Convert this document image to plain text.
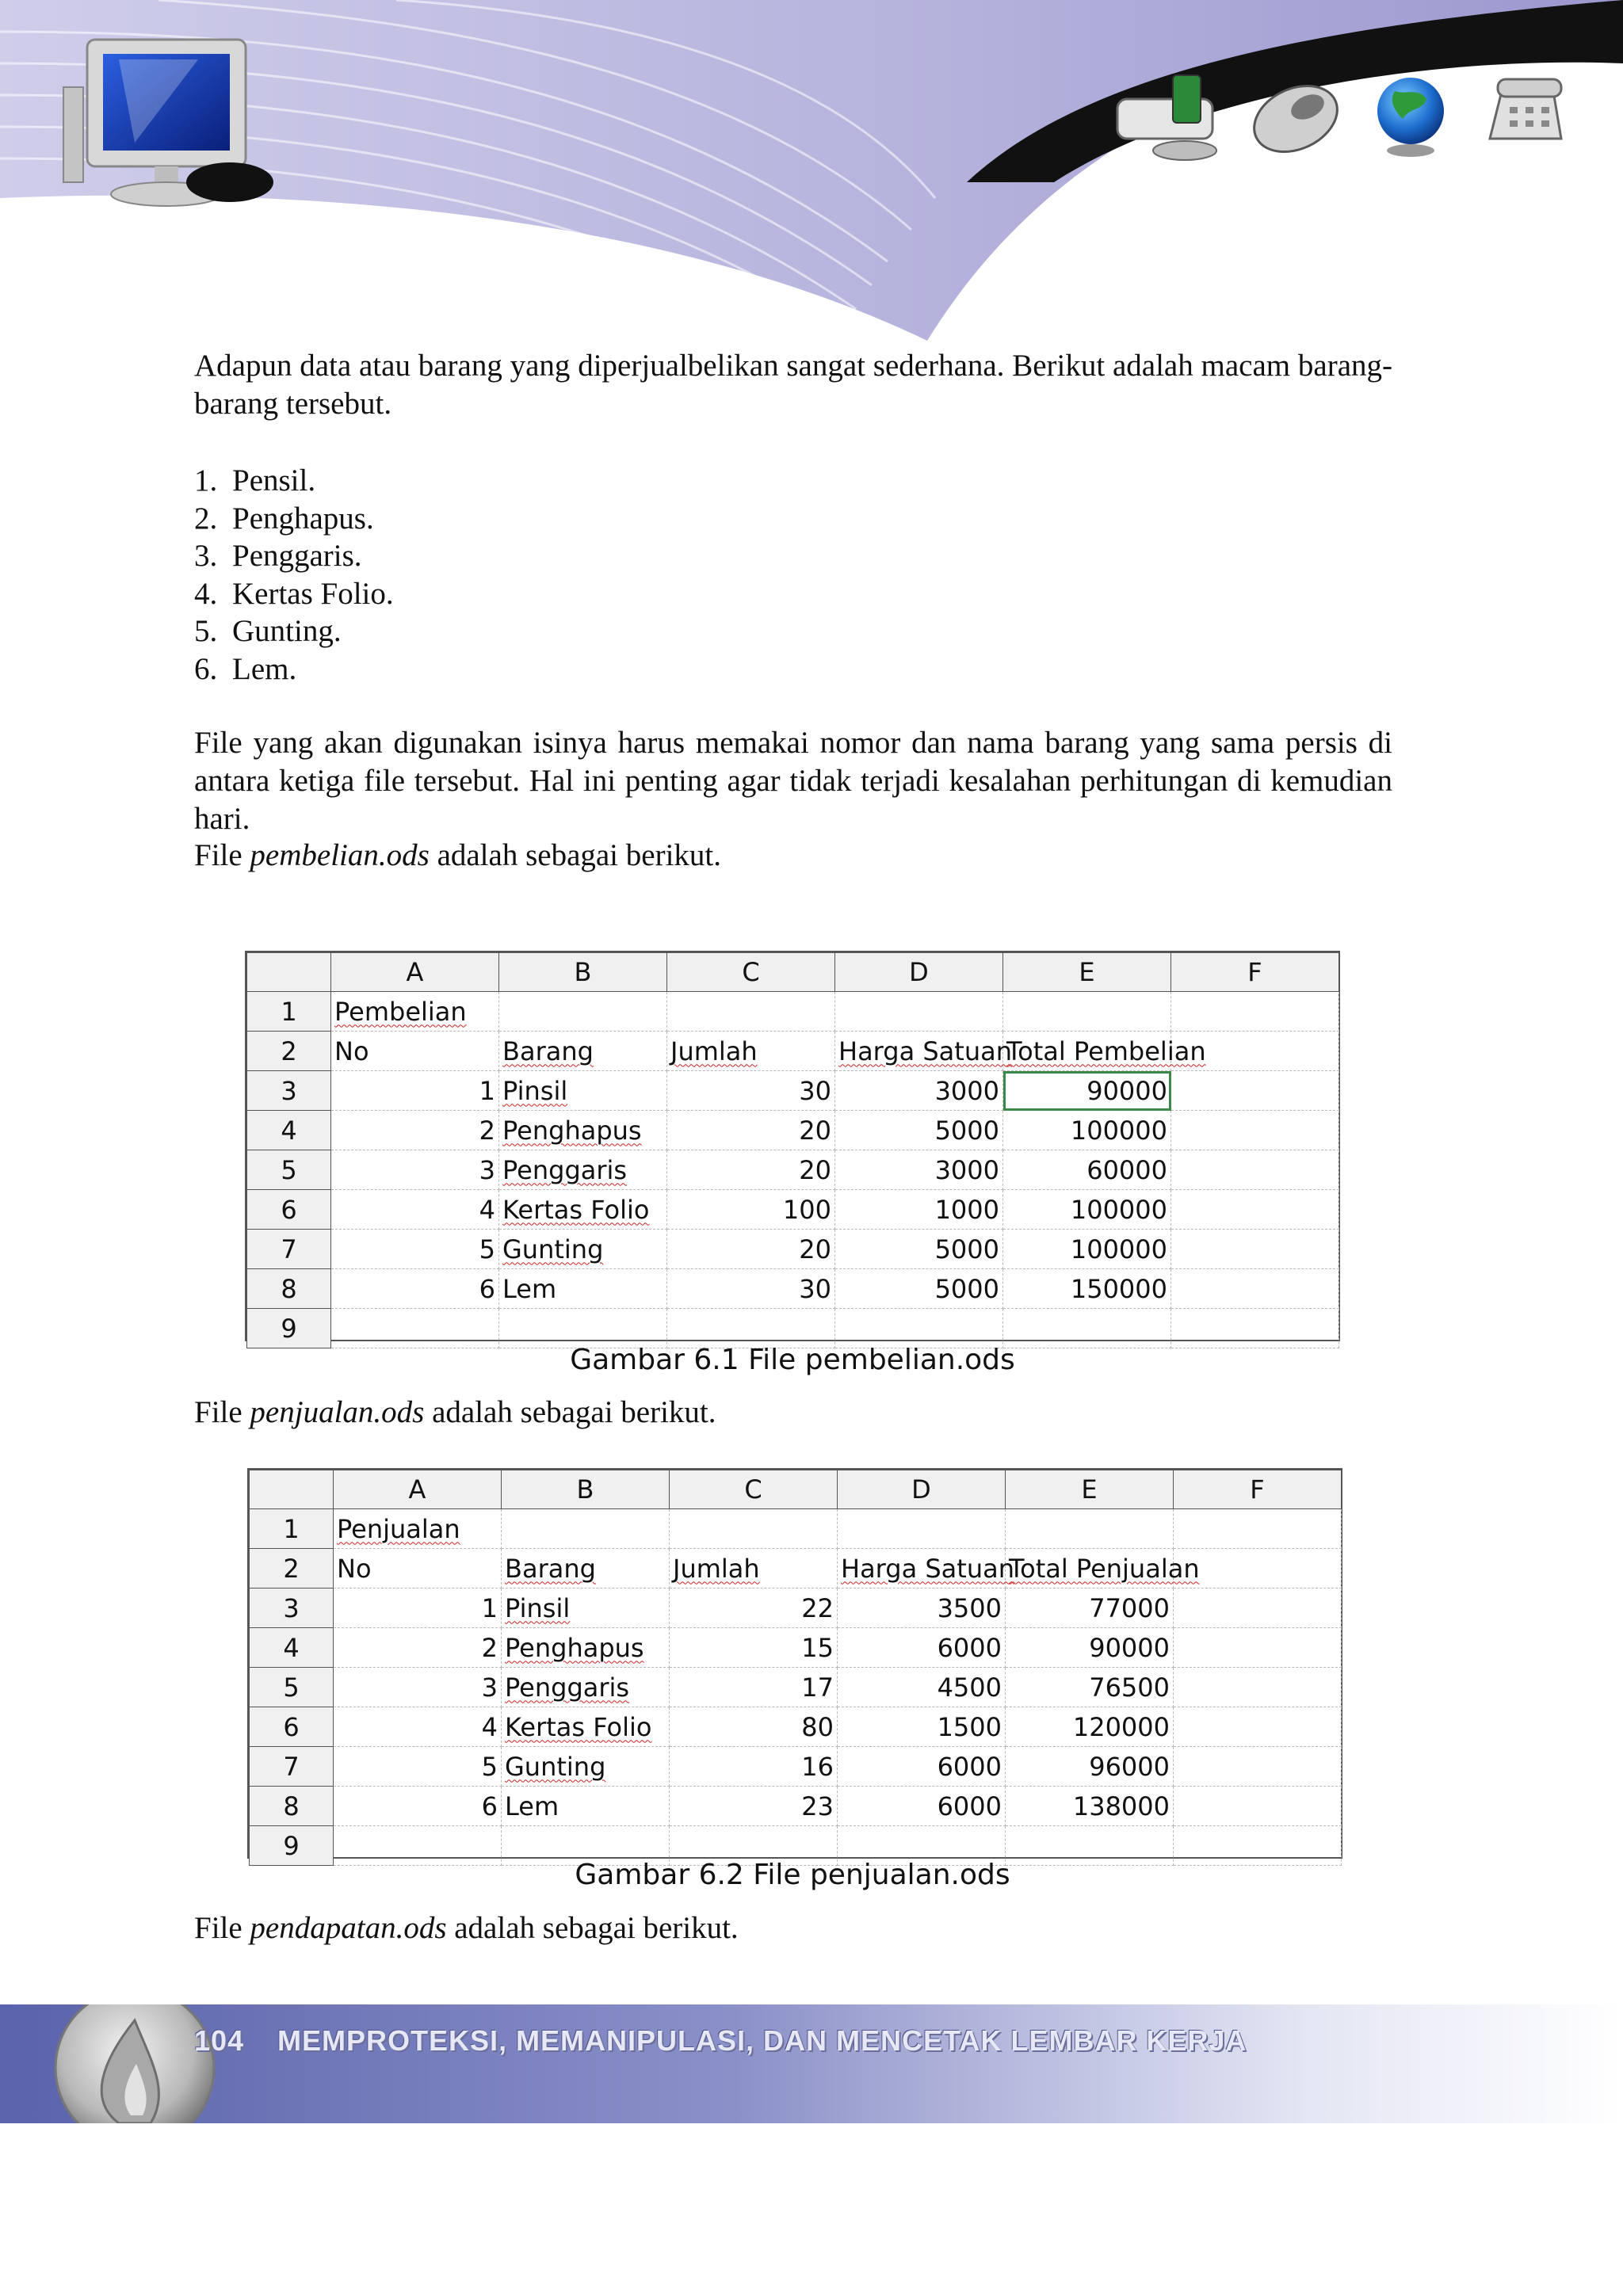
Adapun data atau barang yang diperjualbelikan sangat sederhana. Berikut adalah macam barang-barang tersebut.

1. Pensil.
2. Penghapus.
3. Penggaris.
4. Kertas Folio.
5. Gunting.
6. Lem.

File yang akan digunakan isinya harus memakai nomor dan nama barang yang sama persis di antara ketiga file tersebut. Hal ini penting agar tidak terjadi kesalahan perhitungan di kemudian hari.

File pembelian.ods adalah sebagai berikut.

	A	B	C	D	E	F
1	Pembelian					
2	No	Barang	Jumlah	Harga Satuan	Total Pembelian	
3	1	Pinsil	30	3000	90000	
4	2	Penghapus	20	5000	100000	
5	3	Penggaris	20	3000	60000	
6	4	Kertas Folio	100	1000	100000	
7	5	Gunting	20	5000	100000	
8	6	Lem	30	5000	150000	
9						
Gambar 6.1 File pembelian.ods

File penjualan.ods adalah sebagai berikut.

	A	B	C	D	E	F
1	Penjualan					
2	No	Barang	Jumlah	Harga Satuan	Total Penjualan	
3	1	Pinsil	22	3500	77000	
4	2	Penghapus	15	6000	90000	
5	3	Penggaris	17	4500	76500	
6	4	Kertas Folio	80	1500	120000	
7	5	Gunting	16	6000	96000	
8	6	Lem	23	6000	138000	
9						
Gambar 6.2 File penjualan.ods

File pendapatan.ods adalah sebagai berikut.

104 MEMPROTEKSI, MEMANIPULASI, DAN MENCETAK LEMBAR KERJA
